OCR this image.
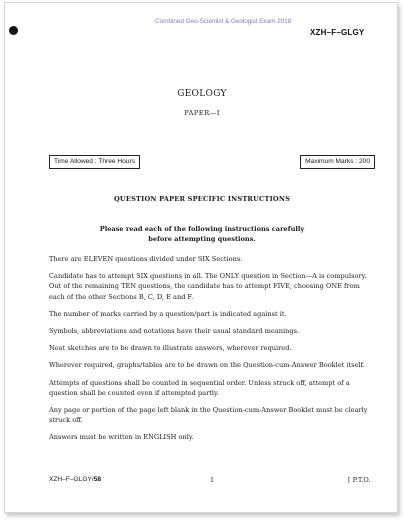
Combined Geo-Scientist & Geologist Exam 2018
XZH–F–GLGY
GEOLOGY
PAPER—I
Time Allowed : Three Hours	Maximum Marks : 200
QUESTION PAPER SPECIFIC INSTRUCTIONS
Please read each of the following instructions carefully
before attempting questions.

There are ELEVEN questions divided under SIX Sections.

Candidate has to attempt SIX questions in all. The ONLY question in Section—A is compulsory. Out of the remaining TEN questions, the candidate has to attempt FIVE, choosing ONE from each of the other Sections B, C, D, E and F.

The number of marks carried by a question/part is indicated against it.

Symbols, abbreviations and notations have their usual standard meanings.

Neat sketches are to be drawn to illustrate answers, wherever required.

Wherever required, graphs/tables are to be drawn on the Question-cum-Answer Booklet itself.

Attempts of questions shall be counted in sequential order. Unless struck off, attempt of a question shall be counted even if attempted partly.

Any page or portion of the page left blank in the Question-cum-Answer Booklet must be clearly struck off.

Answers must be written in ENGLISH only.

XZH–F–GLGY/58	1	[ P.T.O.
